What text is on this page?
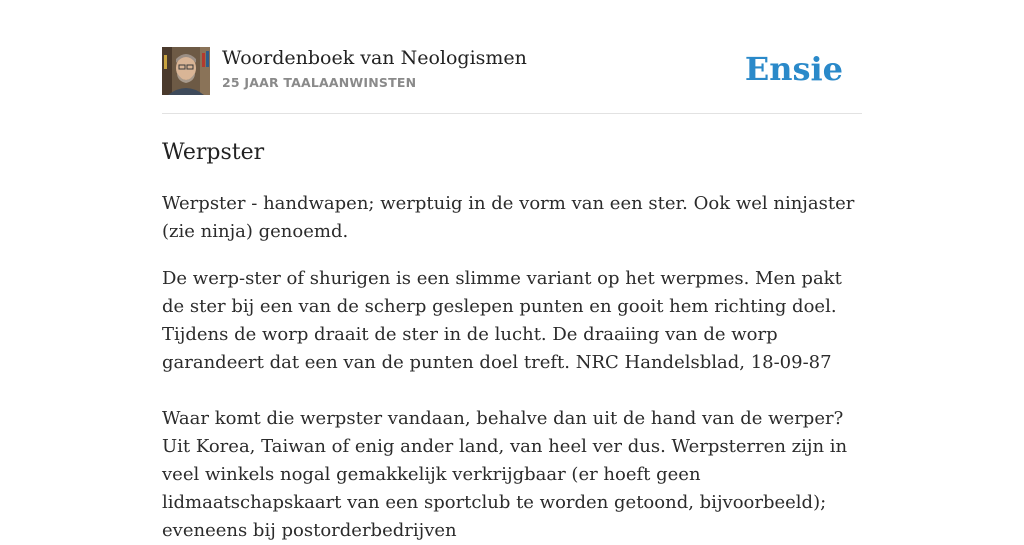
Woordenboek van Neologismen
25 JAAR TAALAANWINSTEN	Ensie
Werpster

Werpster - handwapen; werptuig in de vorm van een ster. Ook wel ninjaster (zie ninja) genoemd.

De werp-ster of shurigen is een slimme variant op het werpmes. Men pakt de ster bij een van de scherp geslepen punten en gooit hem richting doel. Tijdens de worp draait de ster in de lucht. De draaiing van de worp garandeert dat een van de punten doel treft. NRC Handelsblad, 18-09-87

Waar komt die werpster vandaan, behalve dan uit de hand van de werper? Uit Korea, Taiwan of enig ander land, van heel ver dus. Werpsterren zijn in veel winkels nogal gemakkelijk verkrijgbaar (er hoeft geen lidmaatschapskaart van een sportclub te worden getoond, bijvoorbeeld); eveneens bij postorderbedrijven
